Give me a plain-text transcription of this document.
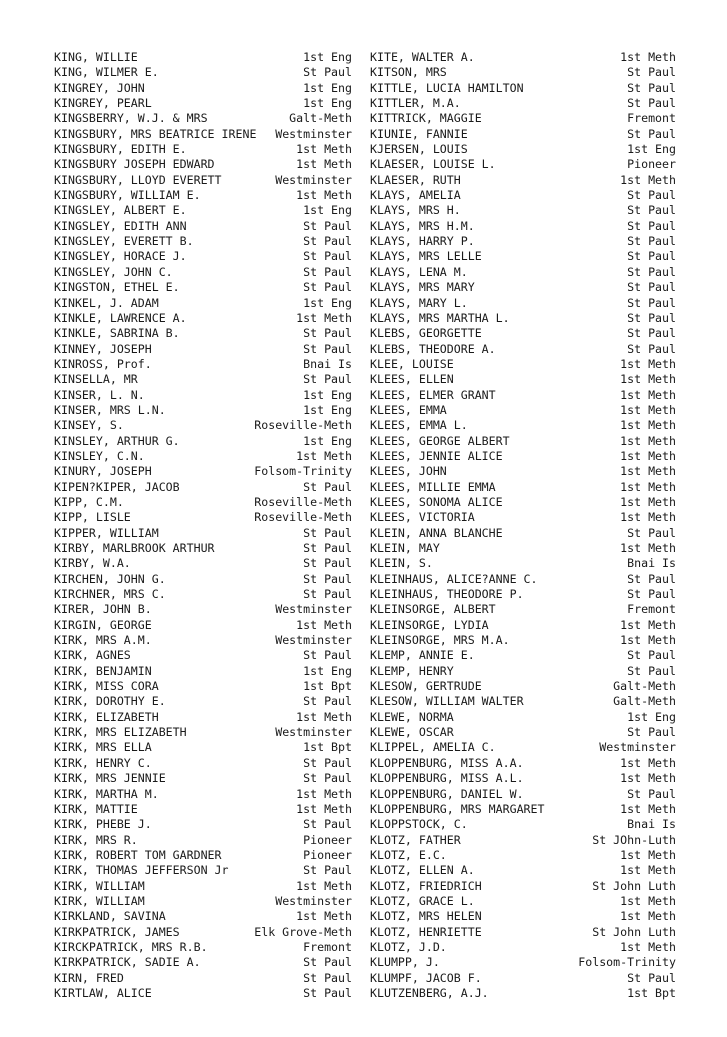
KING, WILLIE	1st Eng
KING, WILMER E.	St Paul
KINGREY, JOHN	1st Eng
KINGREY, PEARL	1st Eng
KINGSBERRY, W.J. & MRS	Galt-Meth
KINGSBURY, MRS BEATRICE IRENE	Westminster
KINGSBURY, EDITH E.	1st Meth
KINGSBURY JOSEPH EDWARD	1st Meth
KINGSBURY, LLOYD EVERETT	Westminster
KINGSBURY, WILLIAM E.	1st Meth
KINGSLEY, ALBERT E.	1st Eng
KINGSLEY, EDITH ANN	St Paul
KINGSLEY, EVERETT B.	St Paul
KINGSLEY, HORACE J.	St Paul
KINGSLEY, JOHN C.	St Paul
KINGSTON, ETHEL E.	St Paul
KINKEL, J. ADAM	1st Eng
KINKLE, LAWRENCE A.	1st Meth
KINKLE, SABRINA B.	St Paul
KINNEY, JOSEPH	St Paul
KINROSS, Prof.	Bnai Is
KINSELLA, MR	St Paul
KINSER, L. N.	1st Eng
KINSER, MRS L.N.	1st Eng
KINSEY, S.	Roseville-Meth
KINSLEY, ARTHUR G.	1st Eng
KINSLEY, C.N.	1st Meth
KINURY, JOSEPH	Folsom-Trinity
KIPEN?KIPER, JACOB	St Paul
KIPP, C.M.	Roseville-Meth
KIPP, LISLE	Roseville-Meth
KIPPER, WILLIAM	St Paul
KIRBY, MARLBROOK ARTHUR	St Paul
KIRBY, W.A.	St Paul
KIRCHEN, JOHN G.	St Paul
KIRCHNER, MRS C.	St Paul
KIRER, JOHN B.	Westminster
KIRGIN, GEORGE	1st Meth
KIRK, MRS A.M.	Westminster
KIRK, AGNES	St Paul
KIRK, BENJAMIN	1st Eng
KIRK, MISS CORA	1st Bpt
KIRK, DOROTHY E.	St Paul
KIRK, ELIZABETH	1st Meth
KIRK, MRS ELIZABETH	Westminster
KIRK, MRS ELLA	1st Bpt
KIRK, HENRY C.	St Paul
KIRK, MRS JENNIE	St Paul
KIRK, MARTHA M.	1st Meth
KIRK, MATTIE	1st Meth
KIRK, PHEBE J.	St Paul
KIRK, MRS R.	Pioneer
KIRK, ROBERT TOM GARDNER	Pioneer
KIRK, THOMAS JEFFERSON Jr	St Paul
KIRK, WILLIAM	1st Meth
KIRK, WILLIAM	Westminster
KIRKLAND, SAVINA	1st Meth
KIRKPATRICK, JAMES	Elk Grove-Meth
KIRCKPATRICK, MRS R.B.	Fremont
KIRKPATRICK, SADIE A.	St Paul
KIRN, FRED	St Paul
KIRTLAW, ALICE	St Paul
KITE, WALTER A.	1st Meth
KITSON, MRS	St Paul
KITTLE, LUCIA HAMILTON	St Paul
KITTLER, M.A.	St Paul
KITTRICK, MAGGIE	Fremont
KIUNIE, FANNIE	St Paul
KJERSEN, LOUIS	1st Eng
KLAESER, LOUISE L.	Pioneer
KLAESER, RUTH	1st Meth
KLAYS, AMELIA	St Paul
KLAYS, MRS H.	St Paul
KLAYS, MRS H.M.	St Paul
KLAYS, HARRY P.	St Paul
KLAYS, MRS LELLE	St Paul
KLAYS, LENA M.	St Paul
KLAYS, MRS MARY	St Paul
KLAYS, MARY L.	St Paul
KLAYS, MRS MARTHA L.	St Paul
KLEBS, GEORGETTE	St Paul
KLEBS, THEODORE A.	St Paul
KLEE, LOUISE	1st Meth
KLEES, ELLEN	1st Meth
KLEES, ELMER GRANT	1st Meth
KLEES, EMMA	1st Meth
KLEES, EMMA L.	1st Meth
KLEES, GEORGE ALBERT	1st Meth
KLEES, JENNIE ALICE	1st Meth
KLEES, JOHN	1st Meth
KLEES, MILLIE EMMA	1st Meth
KLEES, SONOMA ALICE	1st Meth
KLEES, VICTORIA	1st Meth
KLEIN, ANNA BLANCHE	St Paul
KLEIN, MAY	1st Meth
KLEIN, S.	Bnai Is
KLEINHAUS, ALICE?ANNE C.	St Paul
KLEINHAUS, THEODORE P.	St Paul
KLEINSORGE, ALBERT	Fremont
KLEINSORGE, LYDIA	1st Meth
KLEINSORGE, MRS M.A.	1st Meth
KLEMP, ANNIE E.	St Paul
KLEMP, HENRY	St Paul
KLESOW, GERTRUDE	Galt-Meth
KLESOW, WILLIAM WALTER	Galt-Meth
KLEWE, NORMA	1st Eng
KLEWE, OSCAR	St Paul
KLIPPEL, AMELIA C.	Westminster
KLOPPENBURG, MISS A.A.	1st Meth
KLOPPENBURG, MISS A.L.	1st Meth
KLOPPENBURG, DANIEL W.	St Paul
KLOPPENBURG, MRS MARGARET	1st Meth
KLOPPSTOCK, C.	Bnai Is
KLOTZ, FATHER	St JOhn-Luth
KLOTZ, E.C.	1st Meth
KLOTZ, ELLEN A.	1st Meth
KLOTZ, FRIEDRICH	St John Luth
KLOTZ, GRACE L.	1st Meth
KLOTZ, MRS HELEN	1st Meth
KLOTZ, HENRIETTE	St John Luth
KLOTZ, J.D.	1st Meth
KLUMPP, J.	Folsom-Trinity
KLUMPF, JACOB F.	St Paul
KLUTZENBERG, A.J.	1st Bpt
